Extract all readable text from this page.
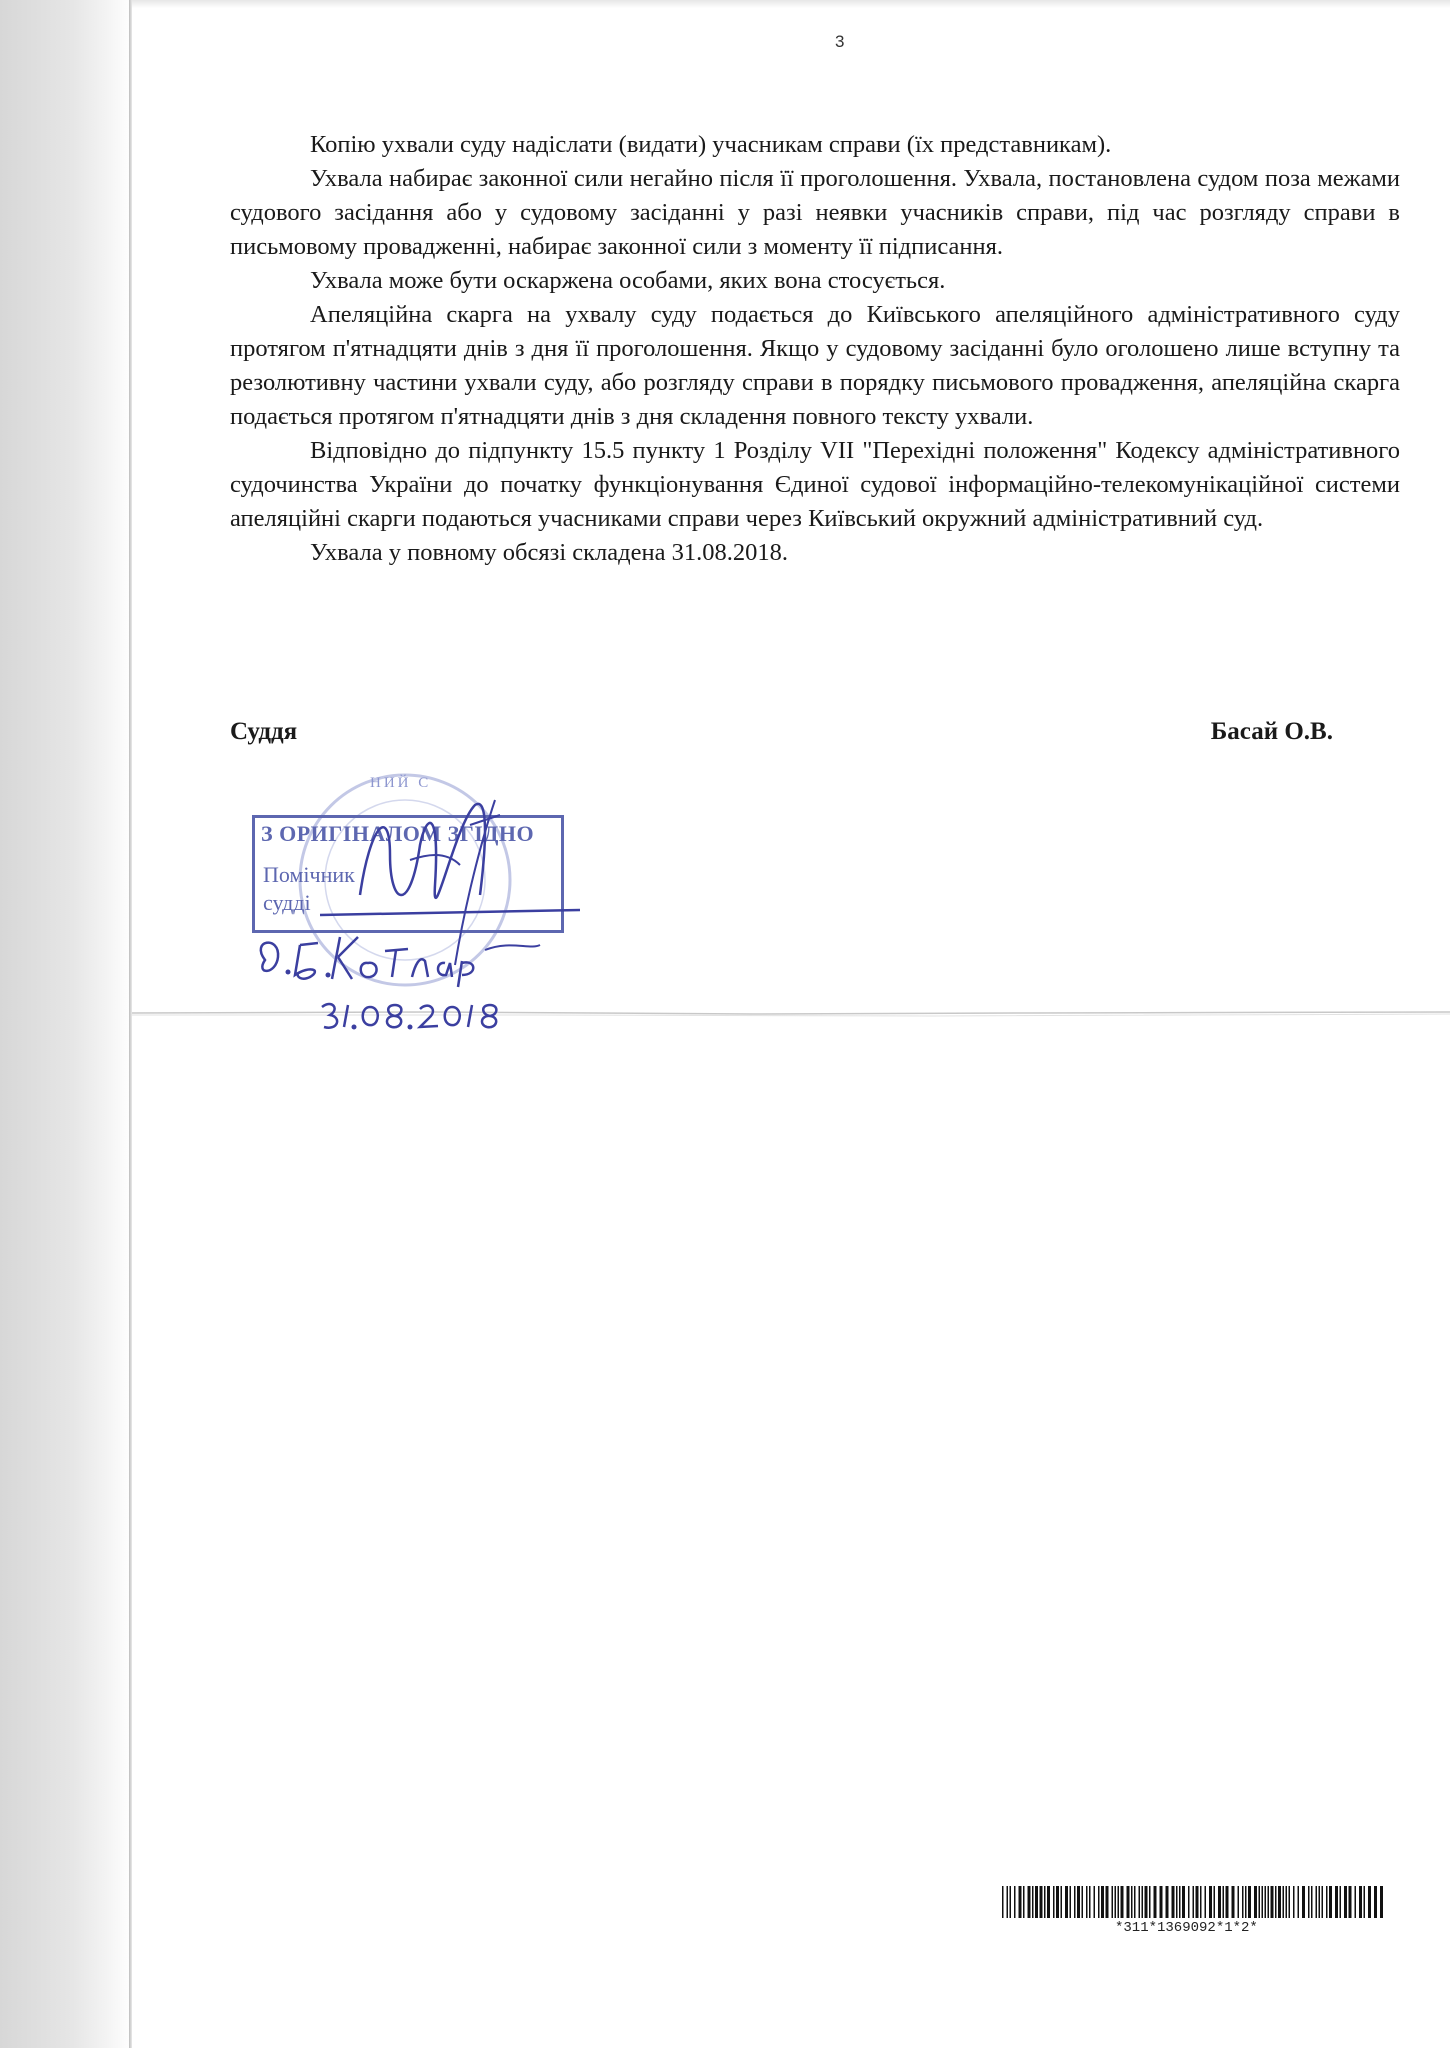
3

Копію ухвали суду надіслати (видати) учасникам справи (їх представникам).

Ухвала набирає законної сили негайно після її проголошення. Ухвала, постановлена судом поза межами судового засідання або у судовому засіданні у разі неявки учасників справи, під час розгляду справи в письмовому провадженні, набирає законної сили з моменту її підписання.

Ухвала може бути оскаржена особами, яких вона стосується.

Апеляційна скарга на ухвалу суду подається до Київського апеляційного адміністративного суду протягом п'ятнадцяти днів з дня її проголошення. Якщо у судовому засіданні було оголошено лише вступну та резолютивну частини ухвали суду, або розгляду справи в порядку письмового провадження, апеляційна скарга подається протягом п'ятнадцяти днів з дня складення повного тексту ухвали.

Відповідно до підпункту 15.5 пункту 1 Розділу VII "Перехідні положення" Кодексу адміністративного судочинства України до початку функціонування Єдиної судової інформаційно-телекомунікаційної системи апеляційні скарги подаються учасниками справи через Київський окружний адміністративний суд.

Ухвала у повному обсязі складена 31.08.2018.

Суддя	Басай О.В.
НИЙ С
З ОРИГІНАЛОМ ЗГІДНО
Помічник
судді
*311*1369092*1*2*
